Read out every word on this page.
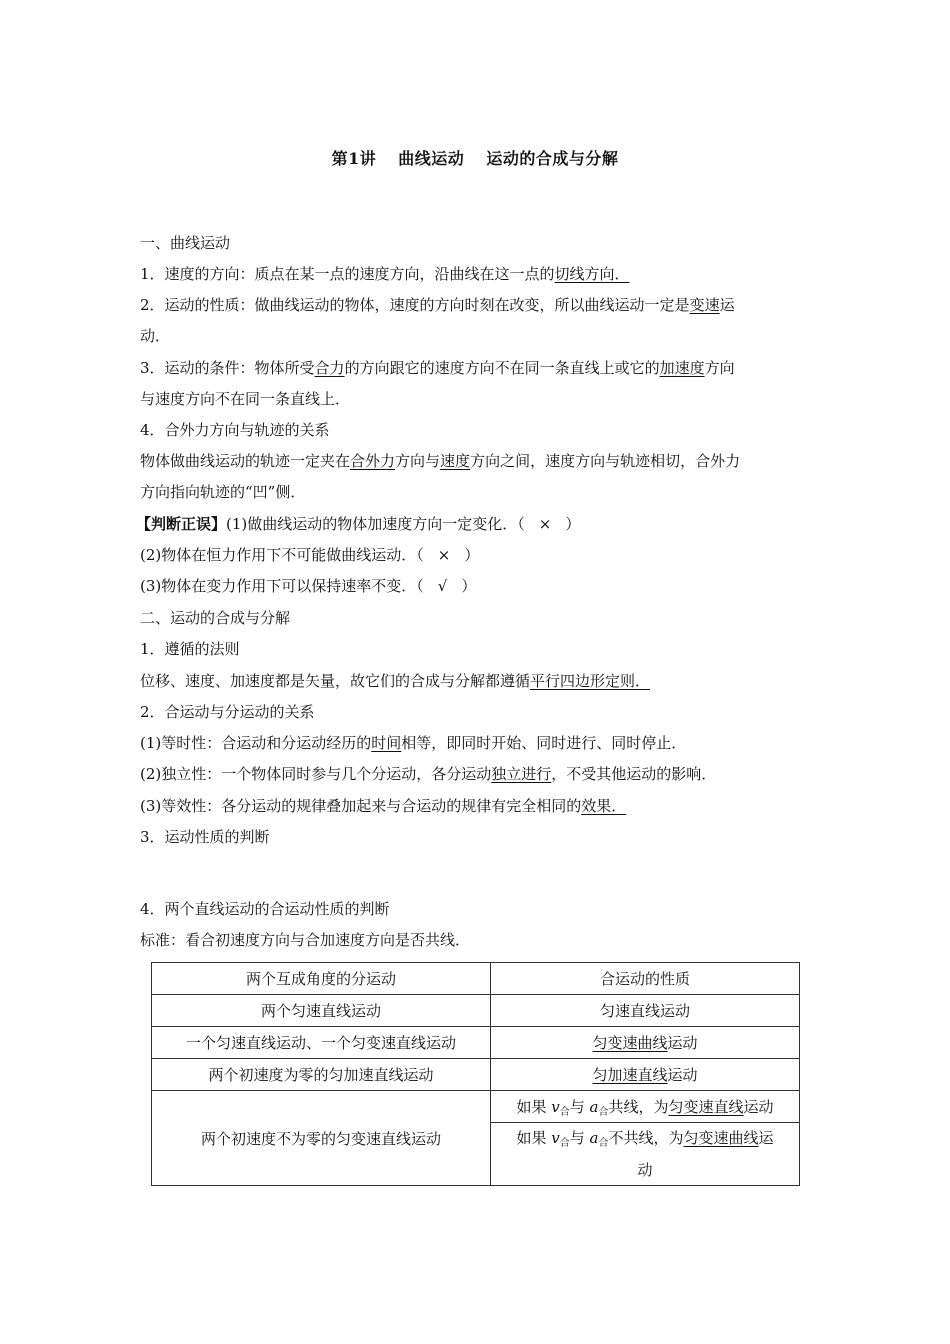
第1讲 曲线运动 运动的合成与分解
一、曲线运动
1．速度的方向：质点在某一点的速度方向，沿曲线在这一点的切线方向．
2．运动的性质：做曲线运动的物体，速度的方向时刻在改变，所以曲线运动一定是变速运
动．
3．运动的条件：物体所受合力的方向跟它的速度方向不在同一条直线上或它的加速度方向
与速度方向不在同一条直线上．
4．合外力方向与轨迹的关系
物体做曲线运动的轨迹一定夹在合外力方向与速度方向之间，速度方向与轨迹相切，合外力
方向指向轨迹的“凹”侧．
【判断正误】(1)做曲线运动的物体加速度方向一定变化．（ × ）
(2)物体在恒力作用下不可能做曲线运动．（ × ）
(3)物体在变力作用下可以保持速率不变．（ √ ）
二、运动的合成与分解
1．遵循的法则
位移、速度、加速度都是矢量，故它们的合成与分解都遵循平行四边形定则．
2．合运动与分运动的关系
(1)等时性：合运动和分运动经历的时间相等，即同时开始、同时进行、同时停止．
(2)独立性：一个物体同时参与几个分运动，各分运动独立进行，不受其他运动的影响．
(3)等效性：各分运动的规律叠加起来与合运动的规律有完全相同的效果．
3．运动性质的判断
4．两个直线运动的合运动性质的判断
标准：看合初速度方向与合加速度方向是否共线．
两个互成角度的分运动	合运动的性质
两个匀速直线运动	匀速直线运动
一个匀速直线运动、一个匀变速直线运动	匀变速曲线运动
两个初速度为零的匀加速直线运动	匀加速直线运动
两个初速度不为零的匀变速直线运动	如果 $v_合$与 $a_合$共线，为匀变速直线运动
	如果 $v_合$与 $a_合$不共线，为匀变速曲线运
动
